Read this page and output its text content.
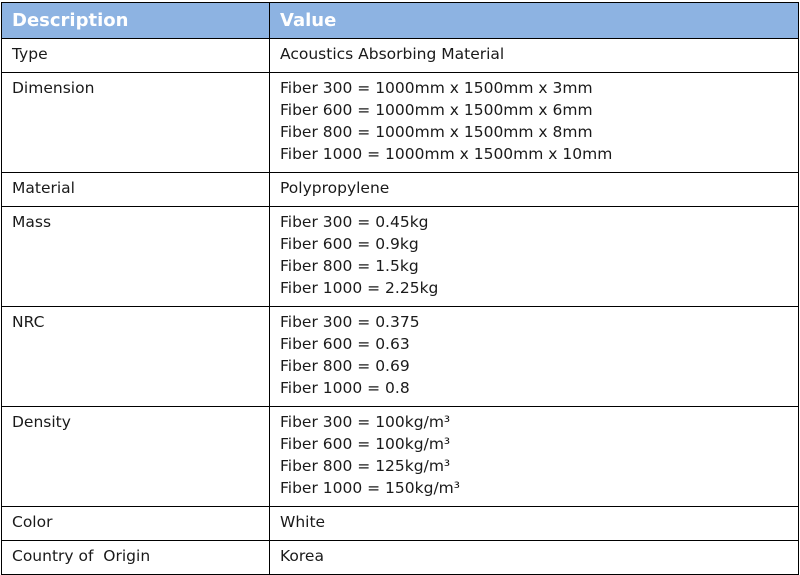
Description	Value
Type	Acoustics Absorbing Material

Dimension	Fiber 300 = 1000mm x 1500mm x 3mm
Fiber 600 = 1000mm x 1500mm x 6mm
Fiber 800 = 1000mm x 1500mm x 8mm
Fiber 1000 = 1000mm x 1500mm x 10mm

Material	Polypropylene

Mass	Fiber 300 = 0.45kg
Fiber 600 = 0.9kg
Fiber 800 = 1.5kg
Fiber 1000 = 2.25kg

NRC	Fiber 300 = 0.375
Fiber 600 = 0.63
Fiber 800 = 0.69
Fiber 1000 = 0.8

Density	Fiber 300 = 100kg/m³
Fiber 600 = 100kg/m³
Fiber 800 = 125kg/m³
Fiber 1000 = 150kg/m³

Color	White

Country of  Origin	Korea
